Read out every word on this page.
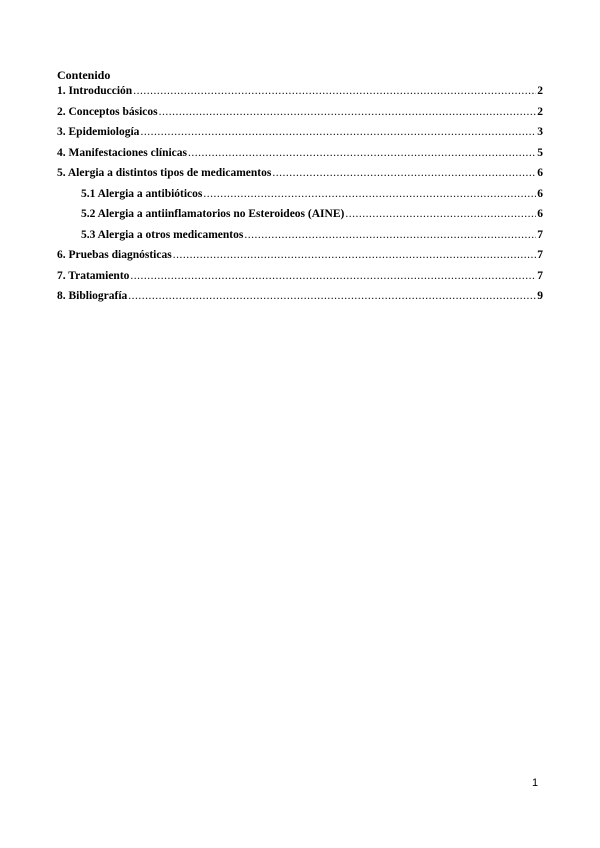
Contenido
1. Introducción .....	2
2. Conceptos básicos .....	2
3. Epidemiología .....	3
4. Manifestaciones clínicas .....	5
5. Alergia a distintos tipos de medicamentos .....	6
5.1 Alergia a antibióticos .....	6
5.2 Alergia a antiinflamatorios no Esteroideos (AINE) .....	6
5.3 Alergia a otros medicamentos .....	7
6. Pruebas diagnósticas .....	7
7. Tratamiento .....	7
8. Bibliografía .....	9
1
